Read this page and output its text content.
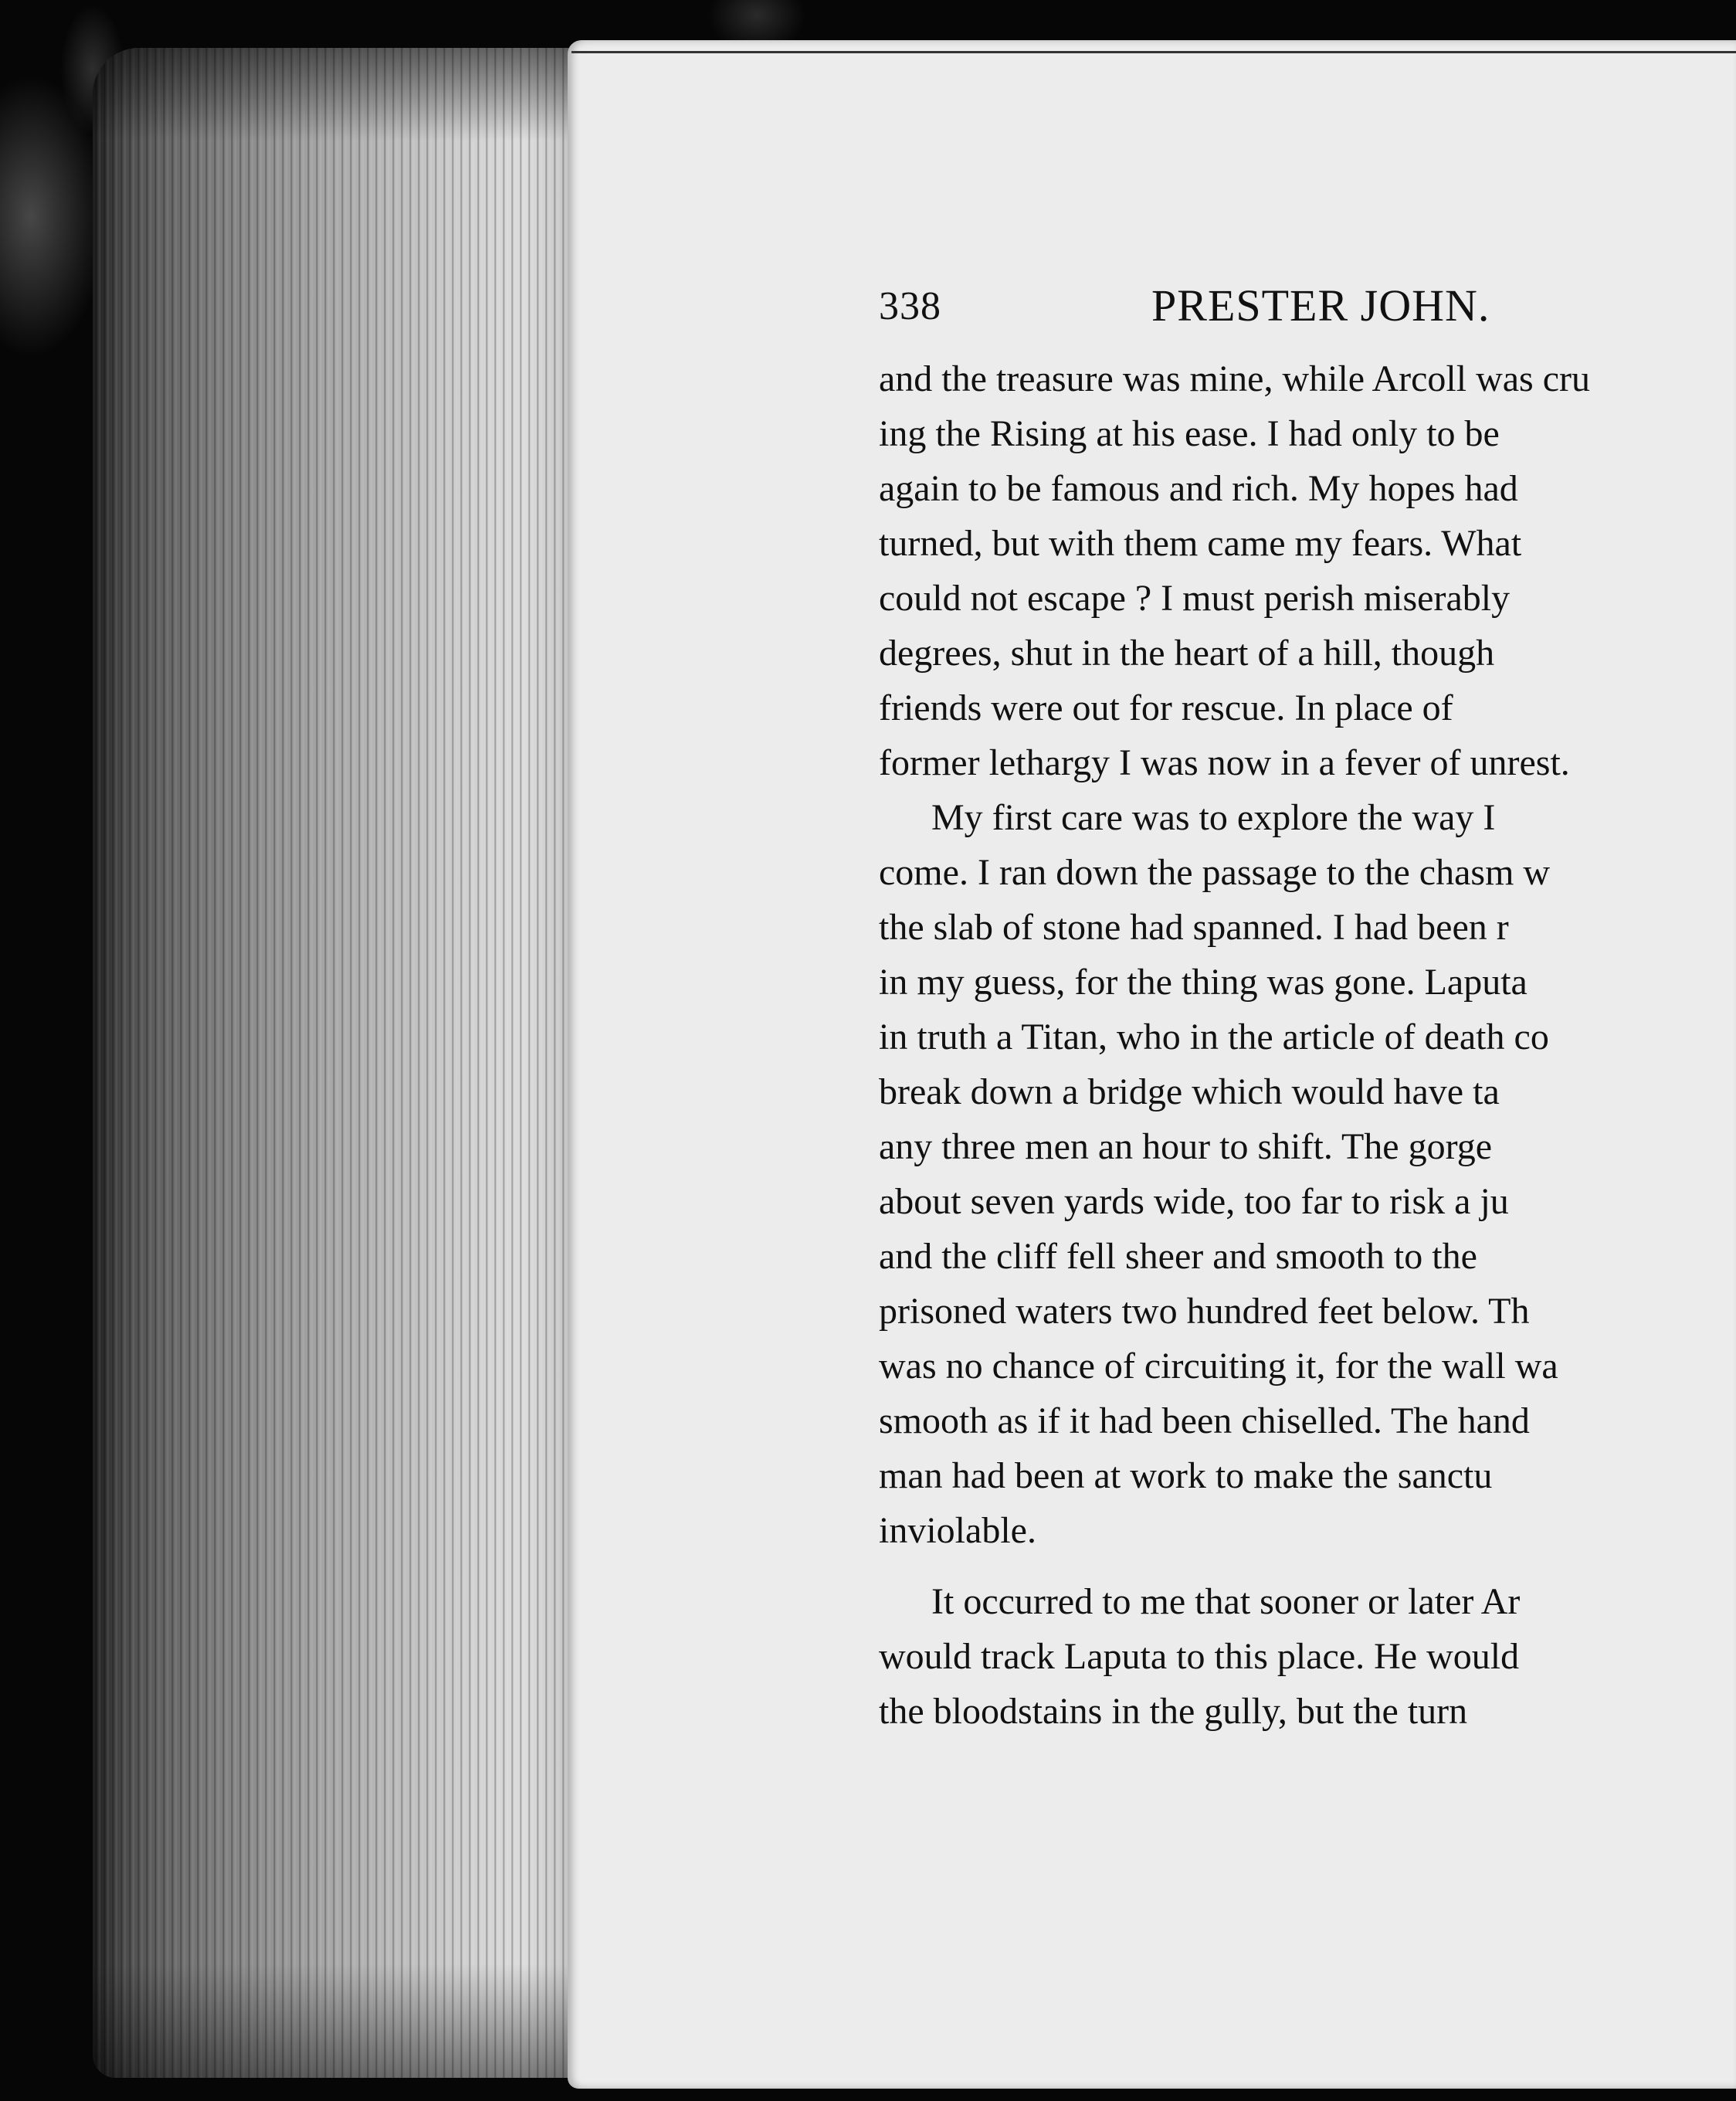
338	PRESTER JOHN.
and the treasure was mine, while Arcoll was cru
ing the Rising at his ease. I had only to be
again to be famous and rich. My hopes had
turned, but with them came my fears. What
could not escape ? I must perish miserably
degrees, shut in the heart of a hill, though
friends were out for rescue. In place of
former lethargy I was now in a fever of unrest.
My first care was to explore the way I
come. I ran down the passage to the chasm w
the slab of stone had spanned. I had been r
in my guess, for the thing was gone. Laputa
in truth a Titan, who in the article of death co
break down a bridge which would have ta
any three men an hour to shift. The gorge
about seven yards wide, too far to risk a ju
and the cliff fell sheer and smooth to the
prisoned waters two hundred feet below. Th
was no chance of circuiting it, for the wall wa
smooth as if it had been chiselled. The hand
man had been at work to make the sanctu
inviolable.
It occurred to me that sooner or later Ar
would track Laputa to this place. He would
the bloodstains in the gully, but the turn
